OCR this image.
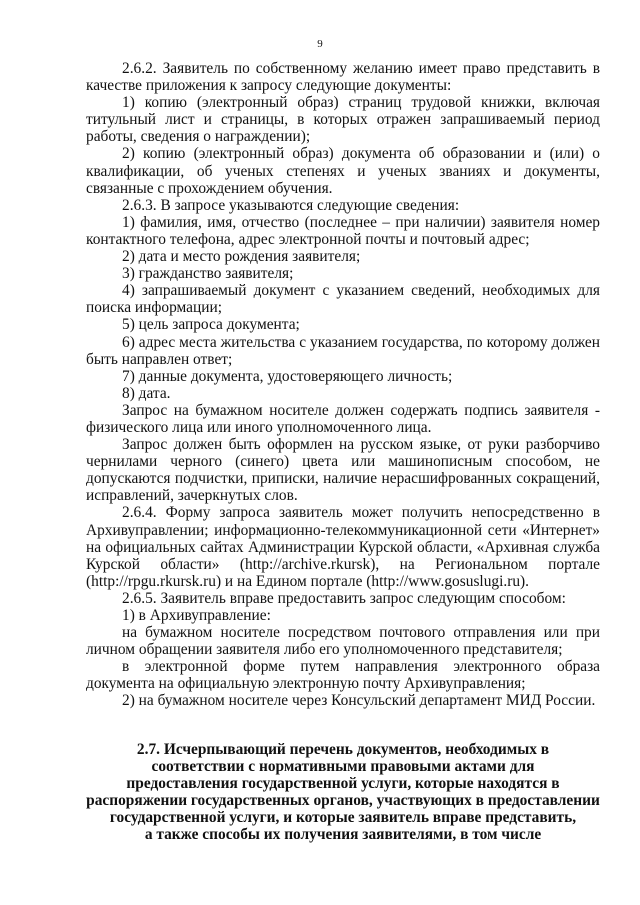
9

2.6.2. Заявитель по собственному желанию имеет право представить в качестве приложения к запросу следующие документы:

1) копию (электронный образ) страниц трудовой книжки, включая титульный лист и страницы, в которых отражен запрашиваемый период работы, сведения о награждении);

2) копию (электронный образ) документа об образовании и (или) о квалификации, об ученых степенях и ученых званиях и документы, связанные с прохождением обучения.

2.6.3. В запросе указываются следующие сведения:

1) фамилия, имя, отчество (последнее – при наличии) заявителя номер контактного телефона, адрес электронной почты и почтовый адрес;

2) дата и место рождения заявителя;

3) гражданство заявителя;

4) запрашиваемый документ с указанием сведений, необходимых для поиска информации;

5) цель запроса документа;

6) адрес места жительства с указанием государства, по которому должен быть направлен ответ;

7) данные документа, удостоверяющего личность;

8) дата.

Запрос на бумажном носителе должен содержать подпись заявителя - физического лица или иного уполномоченного лица.

Запрос должен быть оформлен на русском языке, от руки разборчиво чернилами черного (синего) цвета или машинописным способом, не допускаются подчистки, приписки, наличие нерасшифрованных сокращений, исправлений, зачеркнутых слов.

2.6.4. Форму запроса заявитель может получить непосредственно в Архивуправлении; информационно-телекоммуникационной сети «Интернет» на официальных сайтах Администрации Курской области, «Архивная служба Курской области» (http://archive.rkursk), на Региональном портале (http://rpgu.rkursk.ru) и на Едином портале (http://www.gosuslugi.ru).

2.6.5. Заявитель вправе предоставить запрос следующим способом:

1) в Архивуправление:

на бумажном носителе посредством почтового отправления или при личном обращении заявителя либо его уполномоченного представителя;

в электронной форме путем направления электронного образа документа на официальную электронную почту Архивуправления;

2) на бумажном носителе через Консульский департамент МИД России.

2.7. Исчерпывающий перечень документов, необходимых в
соответствии с нормативными правовыми актами для
предоставления государственной услуги, которые находятся в
распоряжении государственных органов, участвующих в предоставлении
государственной услуги, и которые заявитель вправе представить,
а также способы их получения заявителями, в том числе
